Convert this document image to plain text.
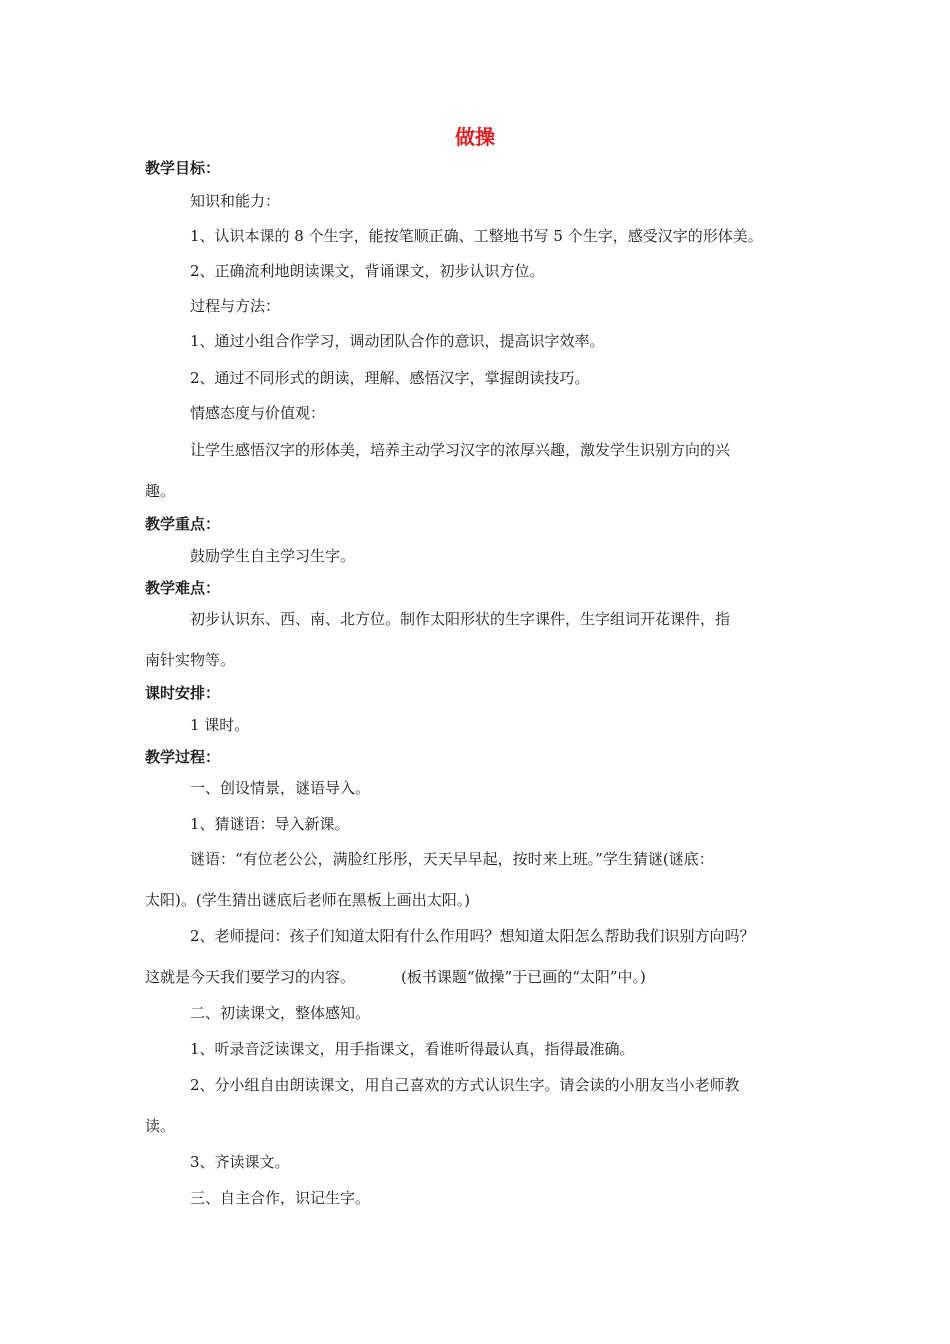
做操
教学目标：
知识和能力：
1、认识本课的 8 个生字，能按笔顺正确、工整地书写 5 个生字，感受汉字的形体美。
2、正确流利地朗读课文，背诵课文，初步认识方位。
过程与方法：
1、通过小组合作学习，调动团队合作的意识，提高识字效率。
2、通过不同形式的朗读，理解、感悟汉字，掌握朗读技巧。
情感态度与价值观：
让学生感悟汉字的形体美，培养主动学习汉字的浓厚兴趣，激发学生识别方向的兴
趣。
教学重点：
鼓励学生自主学习生字。
教学难点：
初步认识东、西、南、北方位。制作太阳形状的生字课件，生字组词开花课件，指
南针实物等。
课时安排：
1 课时。
教学过程：
一、创设情景，谜语导入。
1、猜谜语：导入新课。
谜语：“有位老公公，满脸红彤彤，天天早早起，按时来上班。”学生猜谜(谜底：
太阳)。(学生猜出谜底后老师在黑板上画出太阳。)
2、老师提问：孩子们知道太阳有什么作用吗？想知道太阳怎么帮助我们识别方向吗？
这就是今天我们要学习的内容。	(板书课题“做操”于已画的“太阳”中。)
二、初读课文，整体感知。
1、听录音泛读课文，用手指课文，看谁听得最认真，指得最准确。
2、分小组自由朗读课文，用自己喜欢的方式认识生字。请会读的小朋友当小老师教
读。
3、齐读课文。
三、自主合作，识记生字。
